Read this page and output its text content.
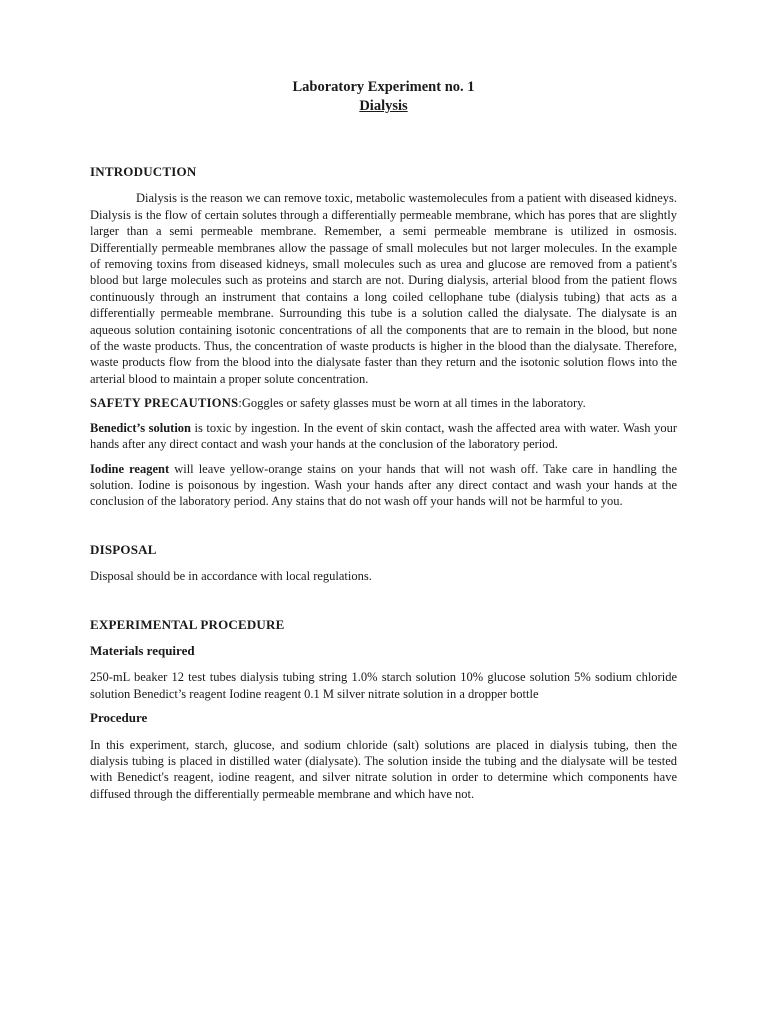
Laboratory Experiment no. 1
Dialysis
INTRODUCTION

Dialysis is the reason we can remove toxic, metabolic wastemolecules from a patient with diseased kidneys. Dialysis is the flow of certain solutes through a differentially permeable membrane, which has pores that are slightly larger than a semi permeable membrane. Remember, a semi permeable membrane is utilized in osmosis. Differentially permeable membranes allow the passage of small molecules but not larger molecules. In the example of removing toxins from diseased kidneys, small molecules such as urea and glucose are removed from a patient's blood but large molecules such as proteins and starch are not. During dialysis, arterial blood from the patient flows continuously through an instrument that contains a long coiled cellophane tube (dialysis tubing) that acts as a differentially permeable membrane. Surrounding this tube is a solution called the dialysate. The dialysate is an aqueous solution containing isotonic concentrations of all the components that are to remain in the blood, but none of the waste products. Thus, the concentration of waste products is higher in the blood than the dialysate. Therefore, waste products flow from the blood into the dialysate faster than they return and the isotonic solution flows into the arterial blood to maintain a proper solute concentration.

SAFETY PRECAUTIONS:Goggles or safety glasses must be worn at all times in the laboratory.

Benedict’s solution is toxic by ingestion. In the event of skin contact, wash the affected area with water. Wash your hands after any direct contact and wash your hands at the conclusion of the laboratory period.

Iodine reagent will leave yellow-orange stains on your hands that will not wash off. Take care in handling the solution. Iodine is poisonous by ingestion. Wash your hands after any direct contact and wash your hands at the conclusion of the laboratory period. Any stains that do not wash off your hands will not be harmful to you.

DISPOSAL

Disposal should be in accordance with local regulations.

EXPERIMENTAL PROCEDURE
Materials required

250-mL beaker 12 test tubes dialysis tubing string 1.0% starch solution 10% glucose solution 5% sodium chloride solution Benedict’s reagent Iodine reagent 0.1 M silver nitrate solution in a dropper bottle

Procedure

In this experiment, starch, glucose, and sodium chloride (salt) solutions are placed in dialysis tubing, then the dialysis tubing is placed in distilled water (dialysate). The solution inside the tubing and the dialysate will be tested with Benedict's reagent, iodine reagent, and silver nitrate solution in order to determine which components have diffused through the differentially permeable membrane and which have not.
